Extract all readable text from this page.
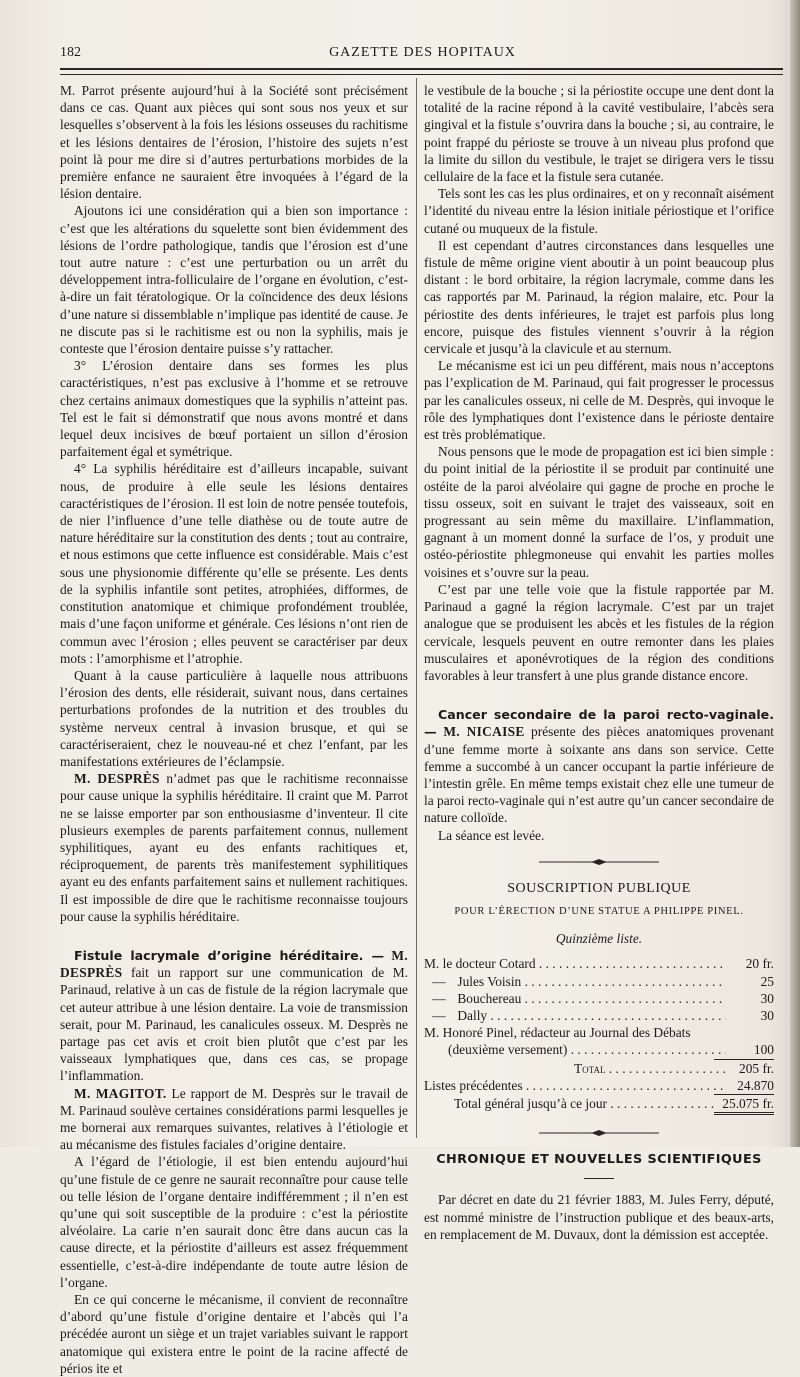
182	GAZETTE DES HOPITAUX

M. Parrot présente aujourd’hui à la Société sont précisément dans ce cas. Quant aux pièces qui sont sous nos yeux et sur lesquelles s’observent à la fois les lésions osseuses du rachitisme et les lésions dentaires de l’érosion, l’histoire des sujets n’est point là pour me dire si d’autres perturbations morbides de la première enfance ne sauraient être invoquées à l’égard de la lésion dentaire.

Ajoutons ici une considération qui a bien son importance : c’est que les altérations du squelette sont bien évidemment des lésions de l’ordre pathologique, tandis que l’érosion est d’une tout autre nature : c’est une perturbation ou un arrêt du développement intra-folliculaire de l’organe en évolution, c’est-à-dire un fait tératologique. Or la coïncidence des deux lésions d’une nature si dissemblable n’implique pas identité de cause. Je ne discute pas si le rachitisme est ou non la syphilis, mais je conteste que l’érosion dentaire puisse s’y rattacher.

3° L’érosion dentaire dans ses formes les plus caractéristiques, n’est pas exclusive à l’homme et se retrouve chez certains animaux domestiques que la syphilis n’atteint pas. Tel est le fait si démonstratif que nous avons montré et dans lequel deux incisives de bœuf portaient un sillon d’érosion parfaitement égal et symétrique.

4° La syphilis héréditaire est d’ailleurs incapable, suivant nous, de produire à elle seule les lésions dentaires caractéristiques de l’érosion. Il est loin de notre pensée toutefois, de nier l’influence d’une telle diathèse ou de toute autre de nature héréditaire sur la constitution des dents ; tout au contraire, et nous estimons que cette influence est considérable. Mais c’est sous une physionomie différente qu’elle se présente. Les dents de la syphilis infantile sont petites, atrophiées, difformes, de constitution anatomique et chimique profondément troublée, mais d’une façon uniforme et générale. Ces lésions n’ont rien de commun avec l’érosion ; elles peuvent se caractériser par deux mots : l’amorphisme et l’atrophie.

Quant à la cause particulière à laquelle nous attribuons l’érosion des dents, elle résiderait, suivant nous, dans certaines perturbations profondes de la nutrition et des troubles du système nerveux central à invasion brusque, et qui se caractériseraient, chez le nouveau-né et chez l’enfant, par les manifestations extérieures de l’éclampsie.

M. DESPRÈS n’admet pas que le rachitisme reconnaisse pour cause unique la syphilis héréditaire. Il craint que M. Parrot ne se laisse emporter par son enthousiasme d’inventeur. Il cite plusieurs exemples de parents parfaitement connus, nullement syphilitiques, ayant eu des enfants rachitiques et, réciproquement, de parents très manifestement syphilitiques ayant eu des enfants parfaitement sains et nullement rachitiques. Il est impossible de dire que le rachitisme reconnaisse toujours pour cause la syphilis héréditaire.

Fistule lacrymale d’origine héréditaire. — M. DESPRÈS fait un rapport sur une communication de M. Parinaud, relative à un cas de fistule de la région lacrymale que cet auteur attribue à une lésion dentaire. La voie de transmission serait, pour M. Parinaud, les canalicules osseux. M. Desprès ne partage pas cet avis et croit bien plutôt que c’est par les vaisseaux lymphatiques que, dans ces cas, se propage l’inflammation.

M. MAGITOT. Le rapport de M. Desprès sur le travail de M. Parinaud soulève certaines considérations parmi lesquelles je me bornerai aux remarques suivantes, relatives à l’étiologie et au mécanisme des fistules faciales d’origine dentaire.

A l’égard de l’étiologie, il est bien entendu aujourd’hui qu’une fistule de ce genre ne saurait reconnaître pour cause telle ou telle lésion de l’organe dentaire indifféremment ; il n’en est qu’une qui soit susceptible de la produire : c’est la périostite alvéolaire. La carie n’en saurait donc être dans aucun cas la cause directe, et la périostite d’ailleurs est assez fréquemment essentielle, c’est-à-dire indépendante de toute autre lésion de l’organe.

En ce qui concerne le mécanisme, il convient de reconnaître d’abord qu’une fistule d’origine dentaire et l’abcès qui l’a précédée auront un siège et un trajet variables suivant le rapport anatomique qui existera entre le point de la racine affecté de périos ite et

le vestibule de la bouche ; si la périostite occupe une dent dont la totalité de la racine répond à la cavité vestibulaire, l’abcès sera gingival et la fistule s’ouvrira dans la bouche ; si, au contraire, le point frappé du périoste se trouve à un niveau plus profond que la limite du sillon du vestibule, le trajet se dirigera vers le tissu cellulaire de la face et la fistule sera cutanée.

Tels sont les cas les plus ordinaires, et on y reconnaît aisément l’identité du niveau entre la lésion initiale périostique et l’orifice cutané ou muqueux de la fistule.

Il est cependant d’autres circonstances dans lesquelles une fistule de même origine vient aboutir à un point beaucoup plus distant : le bord orbitaire, la région lacrymale, comme dans les cas rapportés par M. Parinaud, la région malaire, etc. Pour la périostite des dents inférieures, le trajet est parfois plus long encore, puisque des fistules viennent s’ouvrir à la région cervicale et jusqu’à la clavicule et au sternum.

Le mécanisme est ici un peu différent, mais nous n’acceptons pas l’explication de M. Parinaud, qui fait progresser le processus par les canalicules osseux, ni celle de M. Desprès, qui invoque le rôle des lymphatiques dont l’existence dans le périoste dentaire est très problématique.

Nous pensons que le mode de propagation est ici bien simple : du point initial de la périostite il se produit par continuité une ostéite de la paroi alvéolaire qui gagne de proche en proche le tissu osseux, soit en suivant le trajet des vaisseaux, soit en progressant au sein même du maxillaire. L’inflammation, gagnant à un moment donné la surface de l’os, y produit une ostéo-périostite phlegmoneuse qui envahit les parties molles voisines et s’ouvre sur la peau.

C’est par une telle voie que la fistule rapportée par M. Parinaud a gagné la région lacrymale. C’est par un trajet analogue que se produisent les abcès et les fistules de la région cervicale, lesquels peuvent en outre remonter dans les plaies musculaires et aponévrotiques de la région des conditions favorables à leur transfert à une plus grande distance encore.

Cancer secondaire de la paroi recto-vaginale. — M. NICAISE présente des pièces anatomiques provenant d’une femme morte à soixante ans dans son service. Cette femme a succombé à un cancer occupant la partie inférieure de l’intestin grêle. En même temps existait chez elle une tumeur de la paroi recto-vaginale qui n’est autre qu’un cancer secondaire de nature colloïde.

La séance est levée.

SOUSCRIPTION PUBLIQUE
POUR L’ÉRECTION D’UNE STATUE A PHILIPPE PINEL.
Quinzième liste.
M. le docteur Cotard . . .	20 fr.
— Jules Voisin . . .	25
— Bouchereau . . .	30
— Dally . . .	30
M. Honoré Pinel, rédacteur au Journal des Débats
(deuxième versement) . . .	100
Total . . .	205 fr.
Listes précédentes . . .	24.870
Total général jusqu’à ce jour . . .	25.075 fr.
CHRONIQUE ET NOUVELLES SCIENTIFIQUES

Par décret en date du 21 février 1883, M. Jules Ferry, député, est nommé ministre de l’instruction publique et des beaux-arts, en remplacement de M. Duvaux, dont la démission est acceptée.
